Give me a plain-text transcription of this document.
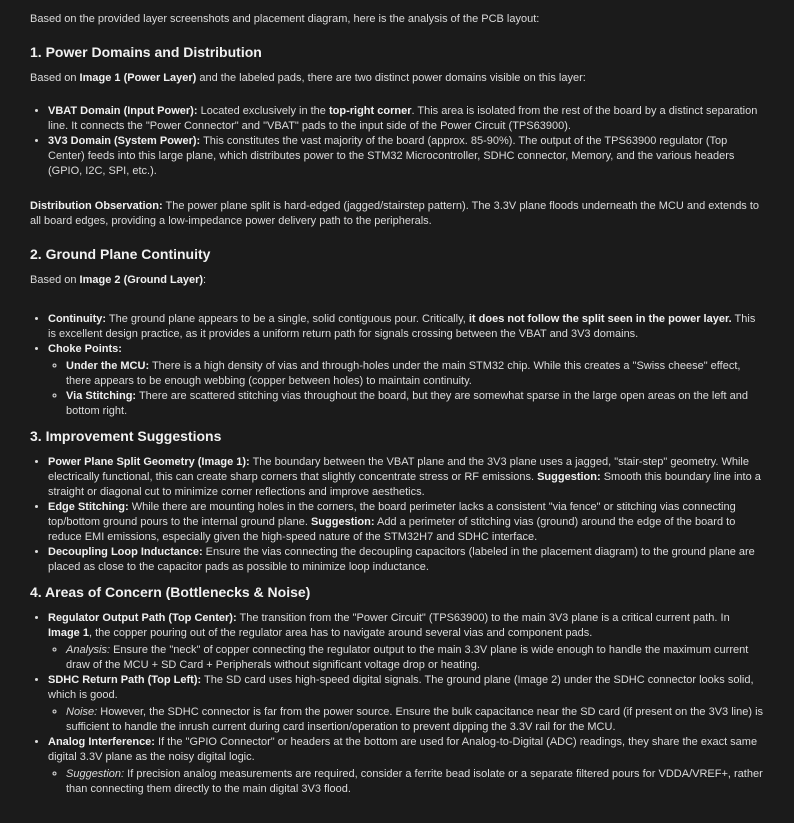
Based on the provided layer screenshots and placement diagram, here is the analysis of the PCB layout:

1. Power Domains and Distribution

Based on Image 1 (Power Layer) and the labeled pads, there are two distinct power domains visible on this layer:

• VBAT Domain (Input Power): Located exclusively in the top-right corner. This area is isolated from the rest of the board by a distinct separation line. It connects the "Power Connector" and "VBAT" pads to the input side of the Power Circuit (TPS63900).
• 3V3 Domain (System Power): This constitutes the vast majority of the board (approx. 85-90%). The output of the TPS63900 regulator (Top Center) feeds into this large plane, which distributes power to the STM32 Microcontroller, SDHC connector, Memory, and the various headers (GPIO, I2C, SPI, etc.).

Distribution Observation: The power plane split is hard-edged (jagged/stairstep pattern). The 3.3V plane floods underneath the MCU and extends to all board edges, providing a low-impedance power delivery path to the peripherals.

2. Ground Plane Continuity

Based on Image 2 (Ground Layer):

• Continuity: The ground plane appears to be a single, solid contiguous pour. Critically, it does not follow the split seen in the power layer. This is excellent design practice, as it provides a uniform return path for signals crossing between the VBAT and 3V3 domains.
• Choke Points:
◦ Under the MCU: There is a high density of vias and through-holes under the main STM32 chip. While this creates a "Swiss cheese" effect, there appears to be enough webbing (copper between holes) to maintain continuity.
◦ Via Stitching: There are scattered stitching vias throughout the board, but they are somewhat sparse in the large open areas on the left and bottom right.
3. Improvement Suggestions
• Power Plane Split Geometry (Image 1): The boundary between the VBAT plane and the 3V3 plane uses a jagged, "stair-step" geometry. While electrically functional, this can create sharp corners that slightly concentrate stress or RF emissions. Suggestion: Smooth this boundary line into a straight or diagonal cut to minimize corner reflections and improve aesthetics.
• Edge Stitching: While there are mounting holes in the corners, the board perimeter lacks a consistent "via fence" or stitching vias connecting top/bottom ground pours to the internal ground plane. Suggestion: Add a perimeter of stitching vias (ground) around the edge of the board to reduce EMI emissions, especially given the high-speed nature of the STM32H7 and SDHC interface.
• Decoupling Loop Inductance: Ensure the vias connecting the decoupling capacitors (labeled in the placement diagram) to the ground plane are placed as close to the capacitor pads as possible to minimize loop inductance.
4. Areas of Concern (Bottlenecks & Noise)
• Regulator Output Path (Top Center): The transition from the "Power Circuit" (TPS63900) to the main 3V3 plane is a critical current path. In Image 1, the copper pouring out of the regulator area has to navigate around several vias and component pads.
◦ Analysis: Ensure the "neck" of copper connecting the regulator output to the main 3.3V plane is wide enough to handle the maximum current draw of the MCU + SD Card + Peripherals without significant voltage drop or heating.
• SDHC Return Path (Top Left): The SD card uses high-speed digital signals. The ground plane (Image 2) under the SDHC connector looks solid, which is good.
◦ Noise: However, the SDHC connector is far from the power source. Ensure the bulk capacitance near the SD card (if present on the 3V3 line) is sufficient to handle the inrush current during card insertion/operation to prevent dipping the 3.3V rail for the MCU.
• Analog Interference: If the "GPIO Connector" or headers at the bottom are used for Analog-to-Digital (ADC) readings, they share the exact same digital 3.3V plane as the noisy digital logic.
◦ Suggestion: If precision analog measurements are required, consider a ferrite bead isolate or a separate filtered pours for VDDA/VREF+, rather than connecting them directly to the main digital 3V3 flood.
